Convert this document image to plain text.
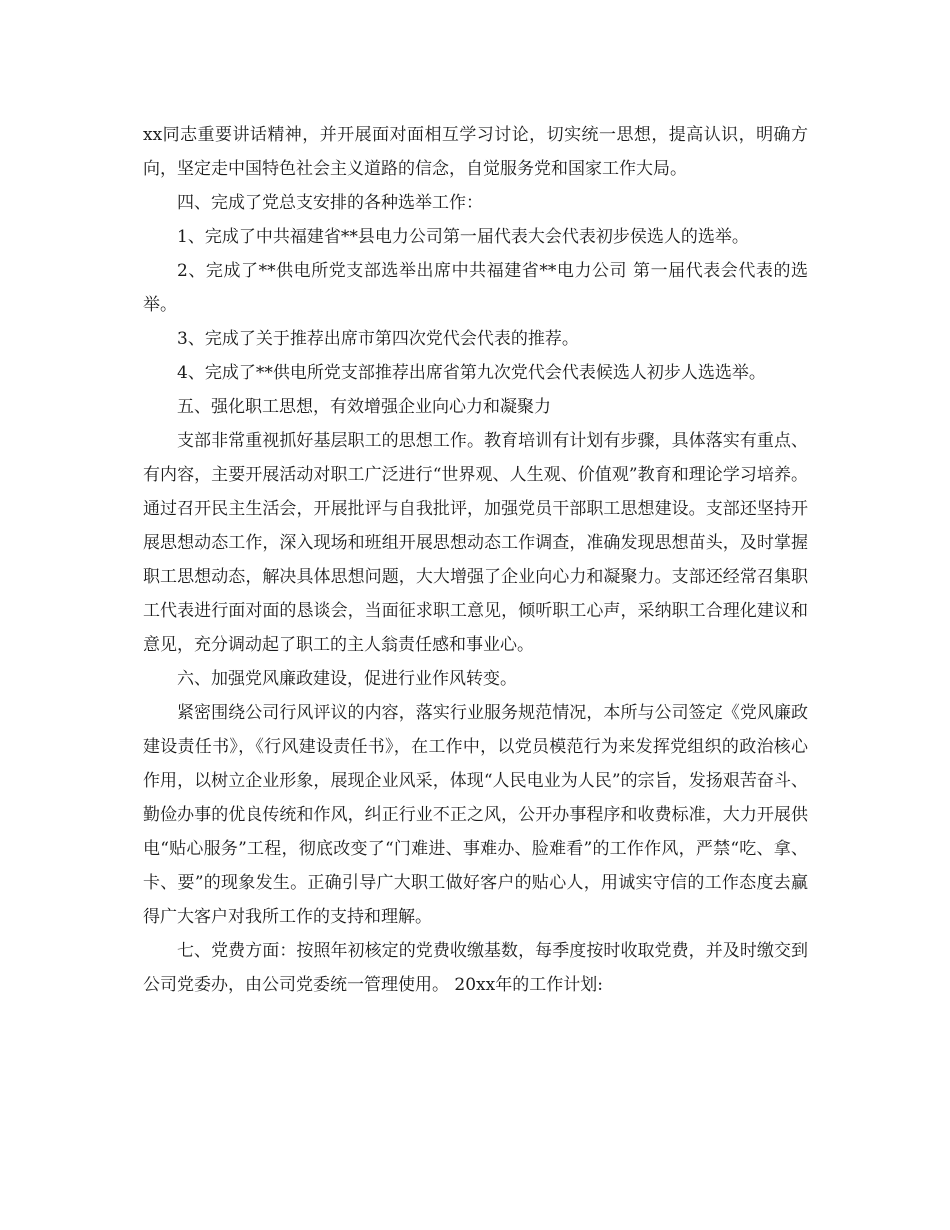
xx同志重要讲话精神，并开展面对面相互学习讨论，切实统一思想，提高认识，明确方向，坚定走中国特色社会主义道路的信念，自觉服务党和国家工作大局。

四、完成了党总支安排的各种选举工作：

1、完成了中共福建省**县电力公司第一届代表大会代表初步侯选人的选举。

2、完成了**供电所党支部选举出席中共福建省**电力公司 第一届代表会代表的选举。

3、完成了关于推荐出席市第四次党代会代表的推荐。

4、完成了**供电所党支部推荐出席省第九次党代会代表候选人初步人选选举。

五、强化职工思想，有效增强企业向心力和凝聚力

支部非常重视抓好基层职工的思想工作。教育培训有计划有步骤，具体落实有重点、有内容，主要开展活动对职工广泛进行“世界观、人生观、价值观”教育和理论学习培养。通过召开民主生活会，开展批评与自我批评，加强党员干部职工思想建设。支部还坚持开展思想动态工作，深入现场和班组开展思想动态工作调查，准确发现思想苗头，及时掌握职工思想动态，解决具体思想问题，大大增强了企业向心力和凝聚力。支部还经常召集职工代表进行面对面的恳谈会，当面征求职工意见，倾听职工心声，采纳职工合理化建议和意见，充分调动起了职工的主人翁责任感和事业心。

六、加强党风廉政建设，促进行业作风转变。

紧密围绕公司行风评议的内容，落实行业服务规范情况，本所与公司签定《党风廉政建设责任书》，《行风建设责任书》，在工作中，以党员模范行为来发挥党组织的政治核心作用，以树立企业形象，展现企业风采，体现“人民电业为人民”的宗旨，发扬艰苦奋斗、勤俭办事的优良传统和作风，纠正行业不正之风，公开办事程序和收费标准，大力开展供电“贴心服务”工程，彻底改变了“门难进、事难办、脸难看”的工作作风，严禁“吃、拿、卡、要”的现象发生。正确引导广大职工做好客户的贴心人，用诚实守信的工作态度去赢得广大客户对我所工作的支持和理解。

七、党费方面：按照年初核定的党费收缴基数，每季度按时收取党费，并及时缴交到公司党委办，由公司党委统一管理使用。 20xx年的工作计划:
